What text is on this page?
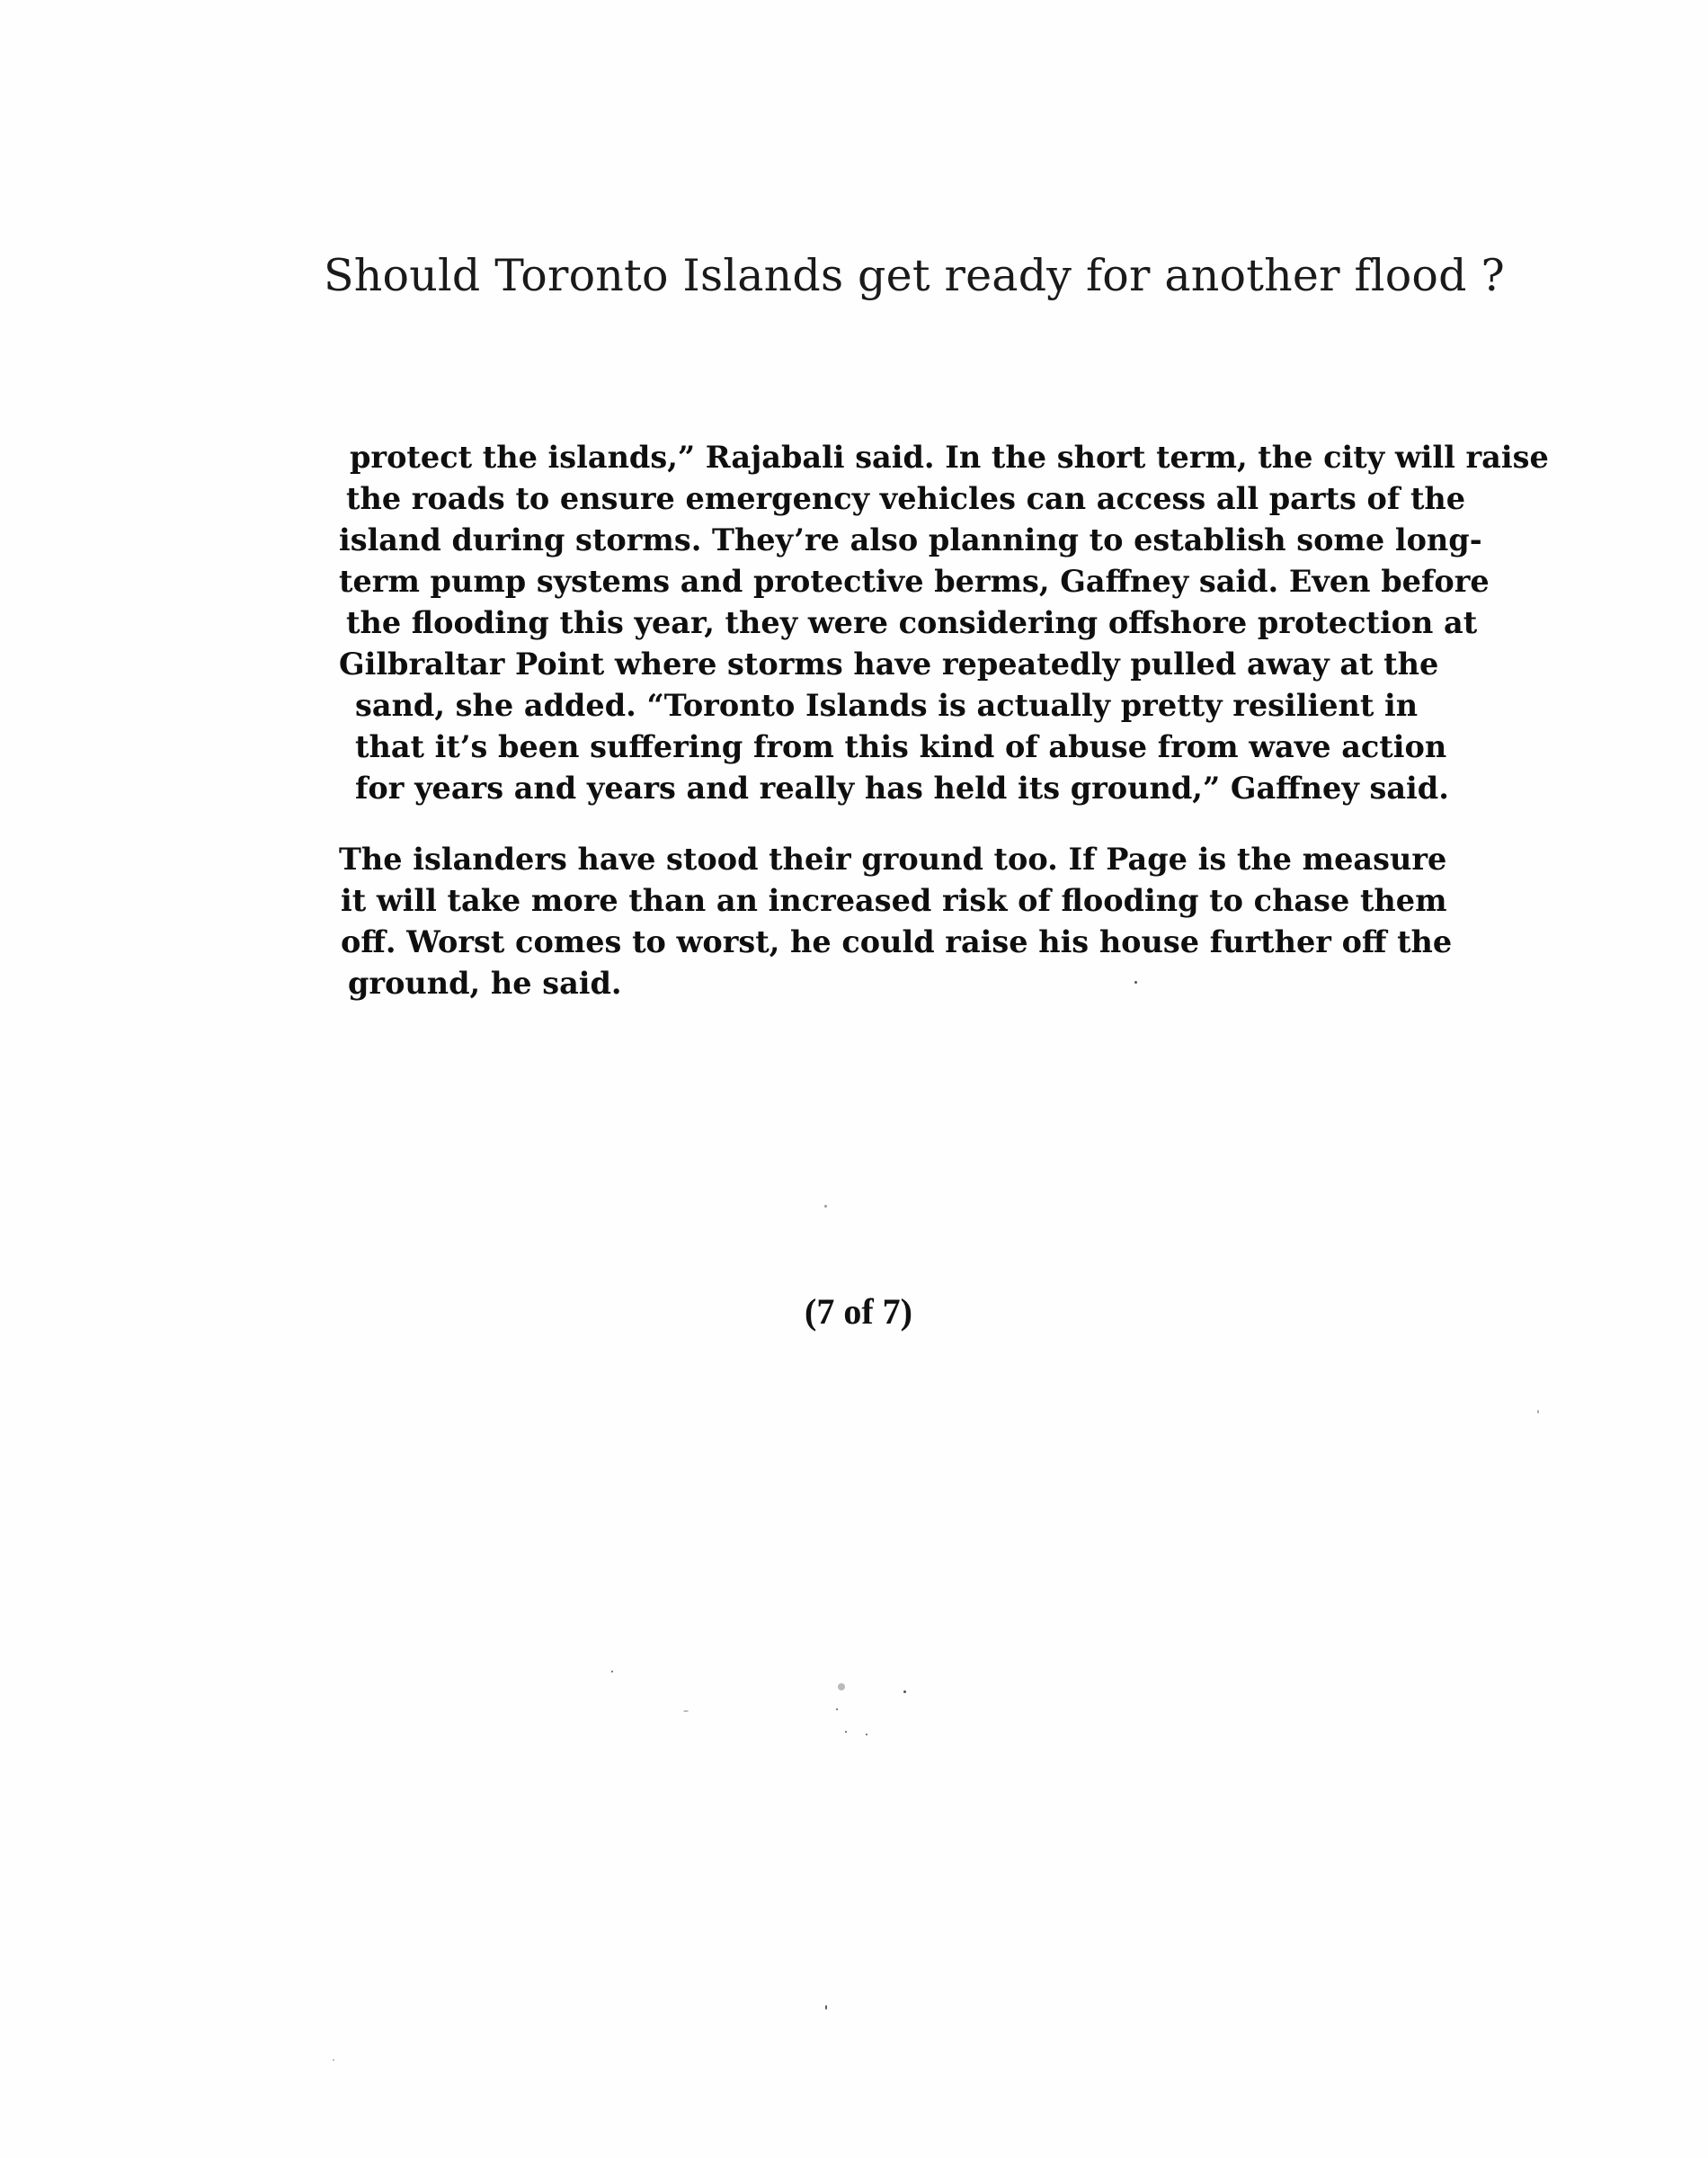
Should Toronto Islands get ready for another flood ?
protect the islands,” Rajabali said. In the short term, the city will raise
the roads to ensure emergency vehicles can access all parts of the
island during storms. They’re also planning to establish some long-
term pump systems and protective berms, Gaffney said. Even before
the flooding this year, they were considering offshore protection at
Gilbraltar Point where storms have repeatedly pulled away at the
sand, she added. “Toronto Islands is actually pretty resilient in
that it’s been suffering from this kind of abuse from wave action
for years and years and really has held its ground,” Gaffney said.
The islanders have stood their ground too. If Page is the measure
it will take more than an increased risk of flooding to chase them
off. Worst comes to worst, he could raise his house further off the
ground, he said.
(7 of 7)
